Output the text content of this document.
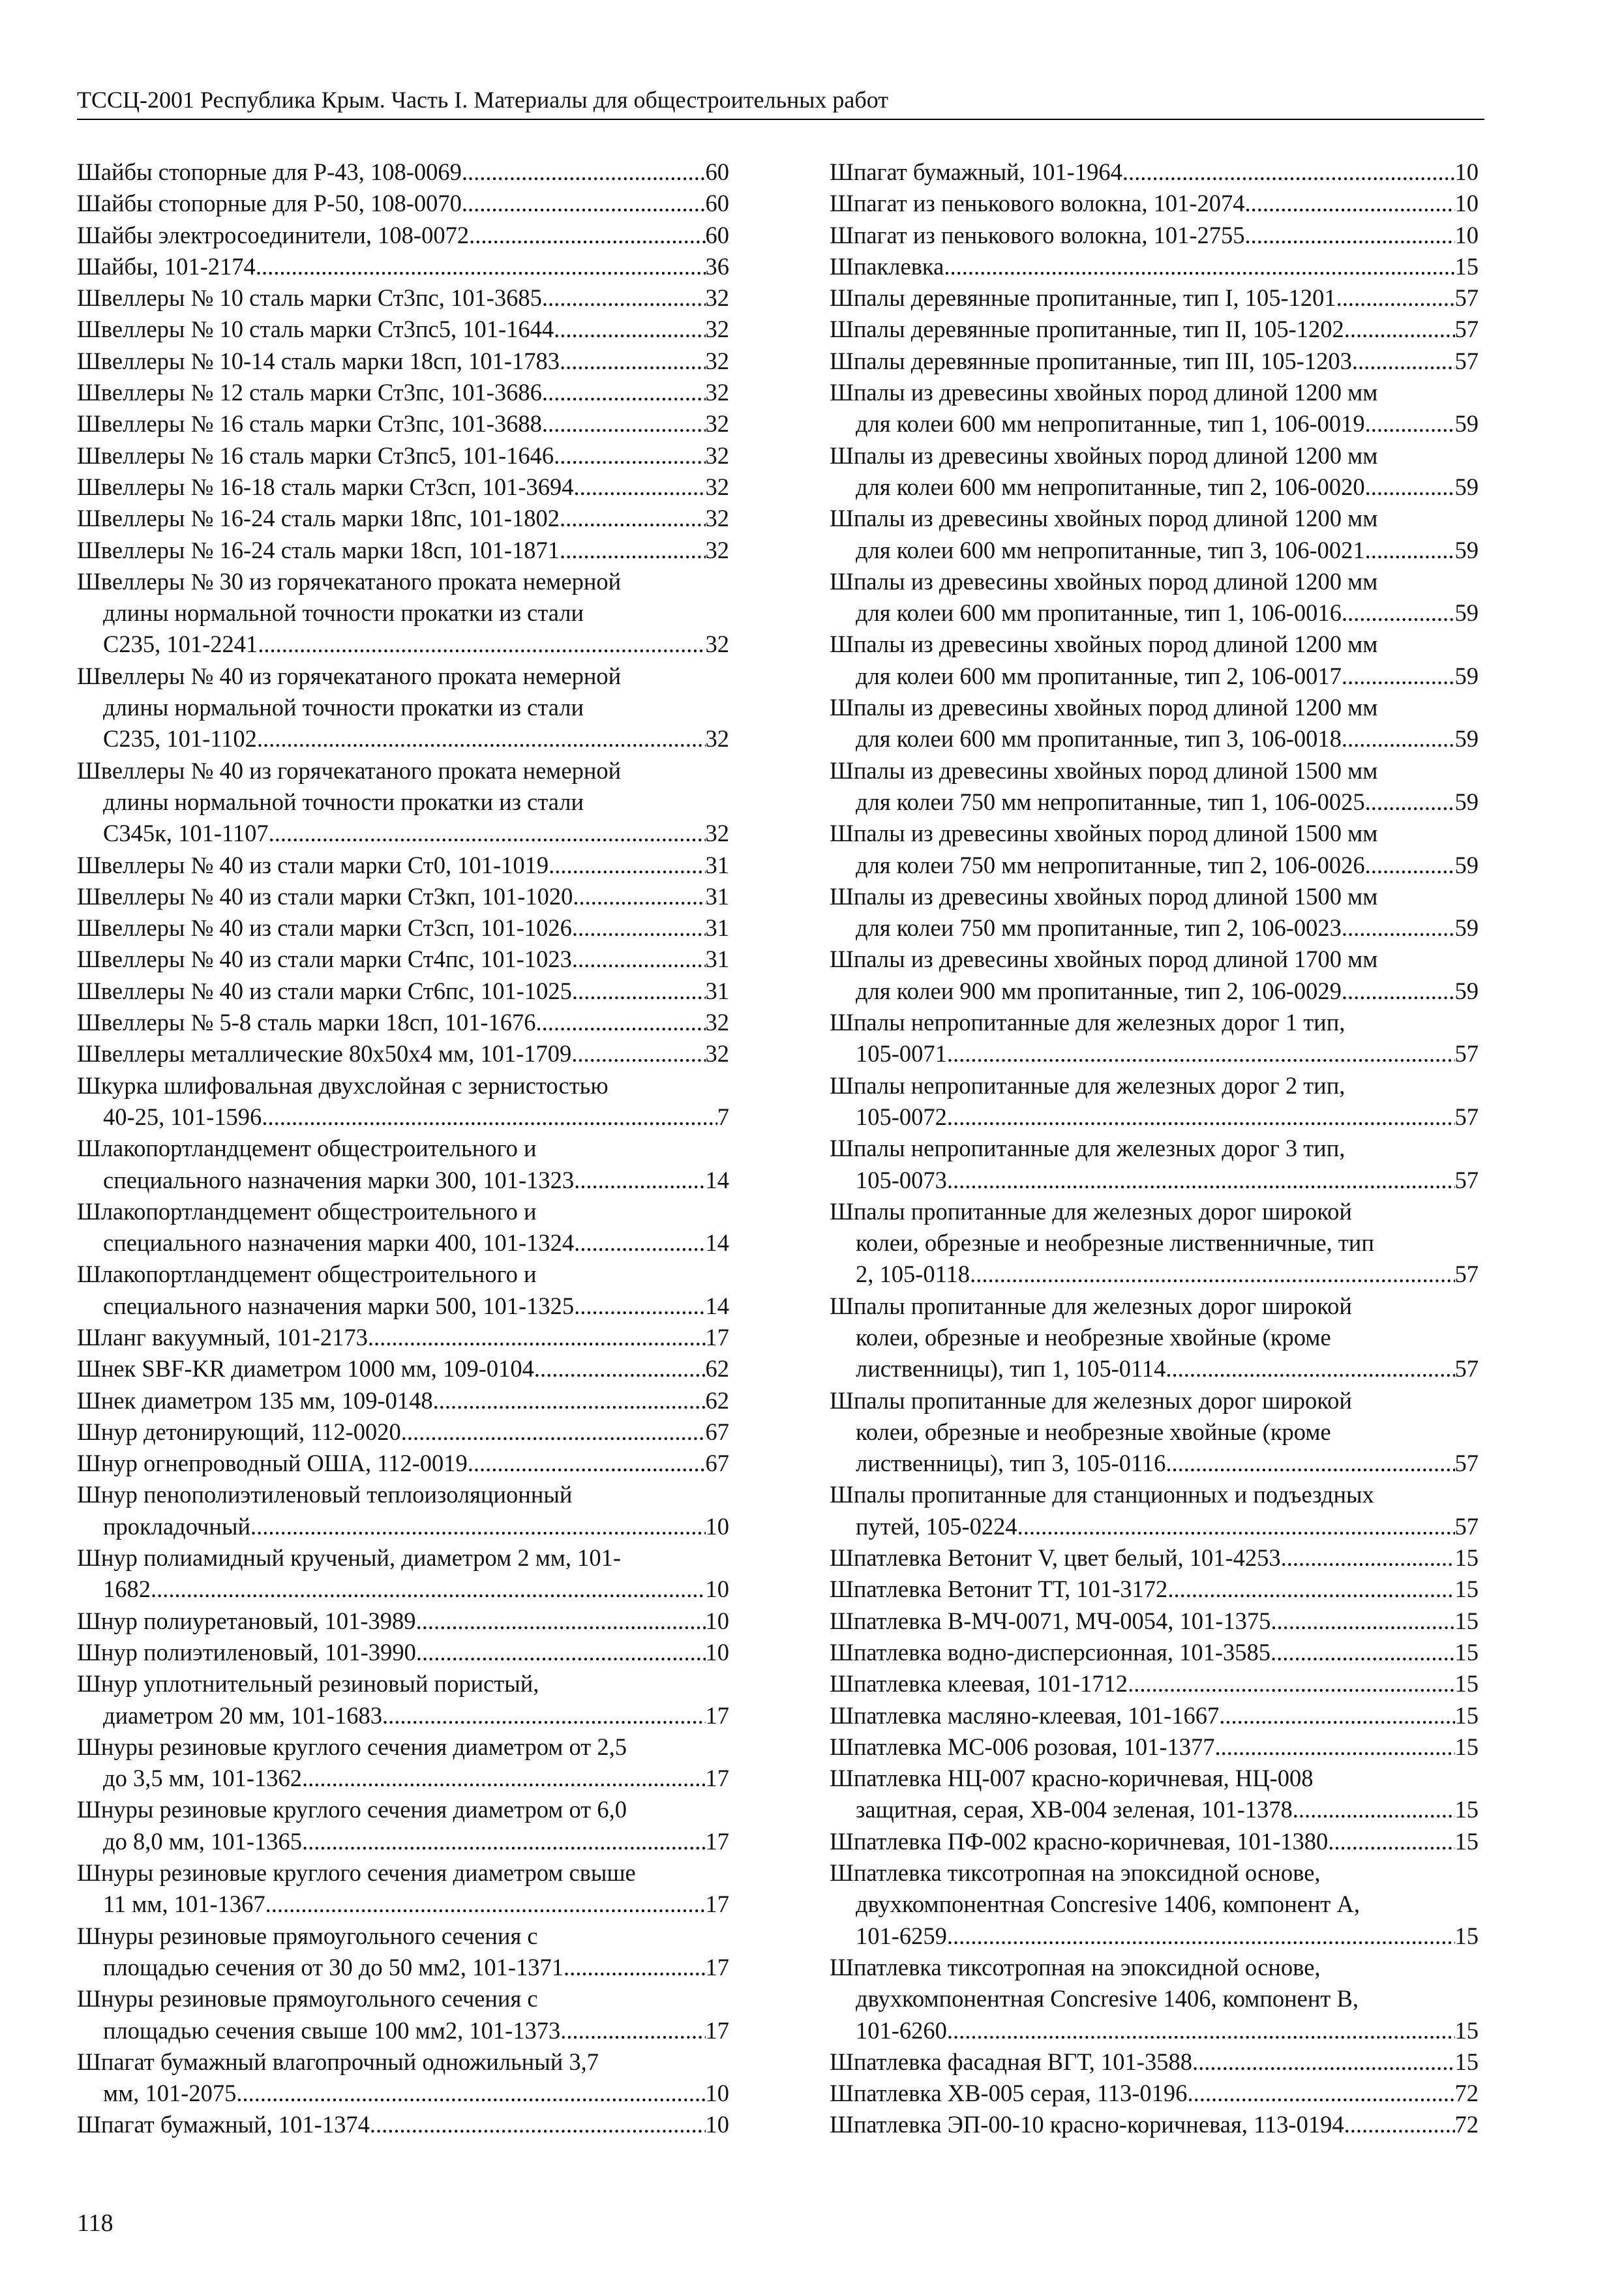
ТССЦ-2001 Республика Крым. Часть I. Материалы для общестроительных работ
Шайбы стопорные для Р-43, 108-0069 .....	60
Шайбы стопорные для Р-50, 108-0070 .....	60
Шайбы электросоединители, 108-0072 .....	60
Шайбы, 101-2174 .....	36
Швеллеры № 10 сталь марки Ст3пс, 101-3685 .....	32
Швеллеры № 10 сталь марки Ст3пс5, 101-1644 .....	32
Швеллеры № 10-14 сталь марки 18сп, 101-1783 .....	32
Швеллеры № 12 сталь марки Ст3пс, 101-3686 .....	32
Швеллеры № 16 сталь марки Ст3пс, 101-3688 .....	32
Швеллеры № 16 сталь марки Ст3пс5, 101-1646 .....	32
Швеллеры № 16-18 сталь марки Ст3сп, 101-3694 .....	32
Швеллеры № 16-24 сталь марки 18пс, 101-1802 .....	32
Швеллеры № 16-24 сталь марки 18сп, 101-1871 .....	32
Швеллеры № 30 из горячекатаного проката немерной
длины нормальной точности прокатки из стали
С235, 101-2241 .....	32
Швеллеры № 40 из горячекатаного проката немерной
длины нормальной точности прокатки из стали
С235, 101-1102 .....	32
Швеллеры № 40 из горячекатаного проката немерной
длины нормальной точности прокатки из стали
С345к, 101-1107 .....	32
Швеллеры № 40 из стали марки Ст0, 101-1019 .....	31
Швеллеры № 40 из стали марки Ст3кп, 101-1020 .....	31
Швеллеры № 40 из стали марки Ст3сп, 101-1026 .....	31
Швеллеры № 40 из стали марки Ст4пс, 101-1023 .....	31
Швеллеры № 40 из стали марки Ст6пс, 101-1025 .....	31
Швеллеры № 5-8 сталь марки 18сп, 101-1676 .....	32
Швеллеры металлические 80x50x4 мм, 101-1709 .....	32
Шкурка шлифовальная двухслойная с зернистостью
40-25, 101-1596 .....	7
Шлакопортландцемент общестроительного и
специального назначения марки 300, 101-1323 .....	14
Шлакопортландцемент общестроительного и
специального назначения марки 400, 101-1324 .....	14
Шлакопортландцемент общестроительного и
специального назначения марки 500, 101-1325 .....	14
Шланг вакуумный, 101-2173 .....	17
Шнек SBF-KR диаметром 1000 мм, 109-0104 .....	62
Шнек диаметром 135 мм, 109-0148 .....	62
Шнур детонирующий, 112-0020 .....	67
Шнур огнепроводный ОША, 112-0019 .....	67
Шнур пенополиэтиленовый теплоизоляционный
прокладочный .....	10
Шнур полиамидный крученый, диаметром 2 мм, 101-
1682 .....	10
Шнур полиуретановый, 101-3989 .....	10
Шнур полиэтиленовый, 101-3990 .....	10
Шнур уплотнительный резиновый пористый,
диаметром 20 мм, 101-1683 .....	17
Шнуры резиновые круглого сечения диаметром от 2,5
до 3,5 мм, 101-1362 .....	17
Шнуры резиновые круглого сечения диаметром от 6,0
до 8,0 мм, 101-1365 .....	17
Шнуры резиновые круглого сечения диаметром свыше
11 мм, 101-1367 .....	17
Шнуры резиновые прямоугольного сечения с
площадью сечения от 30 до 50 мм2, 101-1371 .....	17
Шнуры резиновые прямоугольного сечения с
площадью сечения свыше 100 мм2, 101-1373 .....	17
Шпагат бумажный влагопрочный одножильный 3,7
мм, 101-2075 .....	10
Шпагат бумажный, 101-1374 .....	10
Шпагат бумажный, 101-1964 .....	10
Шпагат из пенькового волокна, 101-2074 .....	10
Шпагат из пенькового волокна, 101-2755 .....	10
Шпаклевка .....	15
Шпалы деревянные пропитанные, тип I, 105-1201 .....	57
Шпалы деревянные пропитанные, тип II, 105-1202 .....	57
Шпалы деревянные пропитанные, тип III, 105-1203 .....	57
Шпалы из древесины хвойных пород длиной 1200 мм
для колеи 600 мм непропитанные, тип 1, 106-0019 .....	59
Шпалы из древесины хвойных пород длиной 1200 мм
для колеи 600 мм непропитанные, тип 2, 106-0020 .....	59
Шпалы из древесины хвойных пород длиной 1200 мм
для колеи 600 мм непропитанные, тип 3, 106-0021 .....	59
Шпалы из древесины хвойных пород длиной 1200 мм
для колеи 600 мм пропитанные, тип 1, 106-0016 .....	59
Шпалы из древесины хвойных пород длиной 1200 мм
для колеи 600 мм пропитанные, тип 2, 106-0017 .....	59
Шпалы из древесины хвойных пород длиной 1200 мм
для колеи 600 мм пропитанные, тип 3, 106-0018 .....	59
Шпалы из древесины хвойных пород длиной 1500 мм
для колеи 750 мм непропитанные, тип 1, 106-0025 .....	59
Шпалы из древесины хвойных пород длиной 1500 мм
для колеи 750 мм непропитанные, тип 2, 106-0026 .....	59
Шпалы из древесины хвойных пород длиной 1500 мм
для колеи 750 мм пропитанные, тип 2, 106-0023 .....	59
Шпалы из древесины хвойных пород длиной 1700 мм
для колеи 900 мм пропитанные, тип 2, 106-0029 .....	59
Шпалы непропитанные для железных дорог 1 тип,
105-0071 .....	57
Шпалы непропитанные для железных дорог 2 тип,
105-0072 .....	57
Шпалы непропитанные для железных дорог 3 тип,
105-0073 .....	57
Шпалы пропитанные для железных дорог широкой
колеи, обрезные и необрезные лиственничные, тип
2, 105-0118 .....	57
Шпалы пропитанные для железных дорог широкой
колеи, обрезные и необрезные хвойные (кроме
лиственницы), тип 1, 105-0114 .....	57
Шпалы пропитанные для железных дорог широкой
колеи, обрезные и необрезные хвойные (кроме
лиственницы), тип 3, 105-0116 .....	57
Шпалы пропитанные для станционных и подъездных
путей, 105-0224 .....	57
Шпатлевка Ветонит V, цвет белый, 101-4253 .....	15
Шпатлевка Ветонит ТТ, 101-3172 .....	15
Шпатлевка В-МЧ-0071, МЧ-0054, 101-1375 .....	15
Шпатлевка водно-дисперсионная, 101-3585 .....	15
Шпатлевка клеевая, 101-1712 .....	15
Шпатлевка масляно-клеевая, 101-1667 .....	15
Шпатлевка МС-006 розовая, 101-1377 .....	15
Шпатлевка НЦ-007 красно-коричневая, НЦ-008
защитная, серая, ХВ-004 зеленая, 101-1378 .....	15
Шпатлевка ПФ-002 красно-коричневая, 101-1380 .....	15
Шпатлевка тиксотропная на эпоксидной основе,
двухкомпонентная Concresive 1406, компонент А,
101-6259 .....	15
Шпатлевка тиксотропная на эпоксидной основе,
двухкомпонентная Concresive 1406, компонент В,
101-6260 .....	15
Шпатлевка фасадная ВГТ, 101-3588 .....	15
Шпатлевка ХВ-005 серая, 113-0196 .....	72
Шпатлевка ЭП-00-10 красно-коричневая, 113-0194 .....	72
118
